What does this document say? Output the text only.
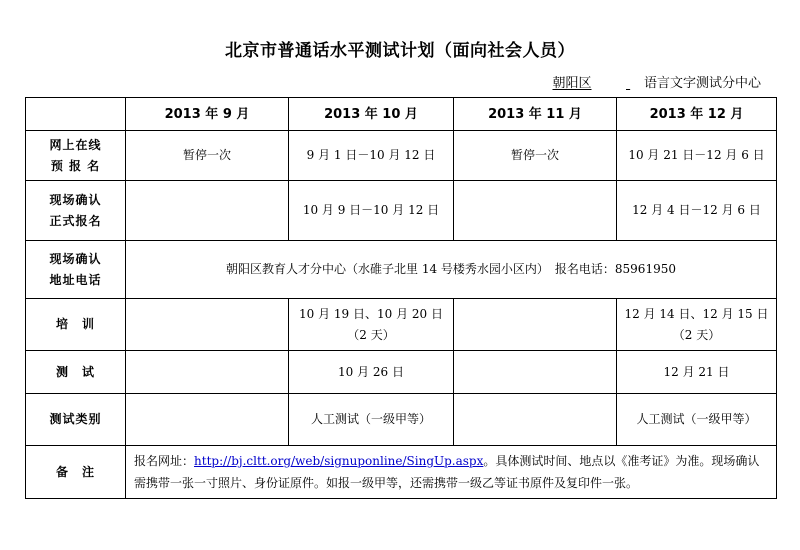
北京市普通话水平测试计划（面向社会人员）
朝阳区	语言文字测试分中心
	2013 年 9 月	2013 年 10 月	2013 年 11 月	2013 年 12 月

网上在线
预 报 名	暂停一次	9 月 1 日－10 月 12 日	暂停一次	10 月 21 日－12 月 6 日

现场确认
正式报名		10 月 9 日－10 月 12 日		12 月 4 日－12 月 6 日

现场确认
地址电话	朝阳区教育人才分中心（水碓子北里 14 号楼秀水园小区内）　报名电话：85961950			
培　训		10 月 19 日、10 月 20 日（2 天）		12 月 14 日、12 月 15 日（2 天）
测　试		10 月 26 日		12 月 21 日
测试类别		人工测试（一级甲等）		人工测试（一级甲等）
备　注	报名网址：http://bj.cltt.org/web/signuponline/SingUp.aspx。具体测试时间、地点以《准考证》为准。现场确认需携带一张一寸照片、身份证原件。如报一级甲等，还需携带一级乙等证书原件及复印件一张。			
